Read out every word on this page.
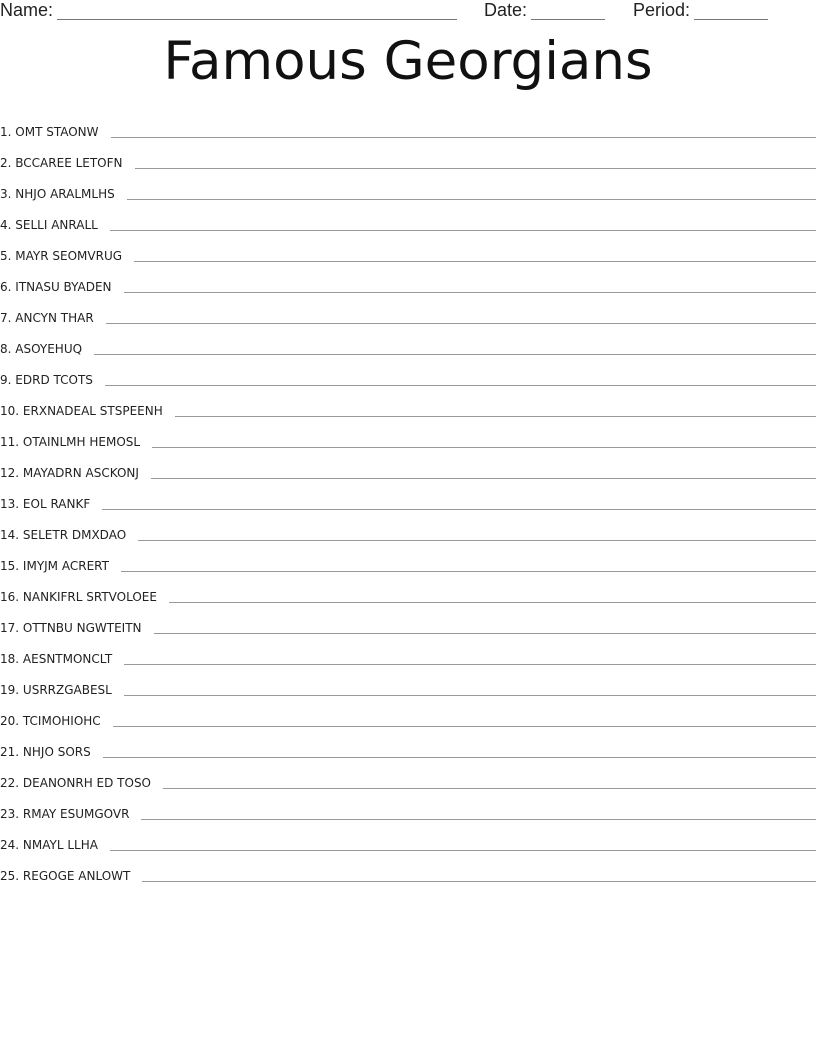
Name:	Date:	Period:
Famous Georgians
1 . OMT STAONW
2 . BCCAREE LETOFN
3 . NHJO ARALMLHS
4 . SELLI ANRALL
5 . MAYR SEOMVRUG
6 . ITNASU BYADEN
7 . ANCYN THAR
8 . ASOYEHUQ
9 . EDRD TCOTS
10 . ERXNADEAL STSPEENH
11 . OTAINLMH HEMOSL
12 . MAYADRN ASCKONJ
13 . EOL RANKF
14 . SELETR DMXDAO
15 . IMYJM ACRERT
16 . NANKIFRL SRTVOLOEE
17 . OTTNBU NGWTEITN
18 . AESNTMONCLT
19 . USRRZGABESL
20 . TCIMOHIOHC
21 . NHJO SORS
22 . DEANONRH ED TOSO
23 . RMAY ESUMGOVR
24 . NMAYL LLHA
25 . REGOGE ANLOWT
